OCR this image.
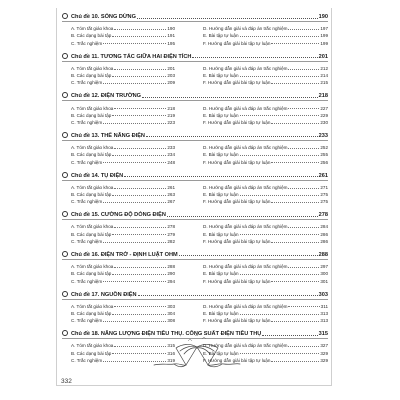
Chủ đề 10. SÓNG DỪNG	190
A. Tóm tắt giáo khoa	190
B. Các dạng bài tập	191
C. Trắc nghiệm	195
D. Hướng dẫn giải và đáp án trắc nghiệm	197
E. Bài tập tự luận	199
F. Hướng dẫn giải bài tập tự luận	199
Chủ đề 11. TƯƠNG TÁC GIỮA HAI ĐIỆN TÍCH	201
A. Tóm tắt giáo khoa	201
B. Các dạng bài tập	203
C. Trắc nghiệm	209
D. Hướng dẫn giải và đáp án trắc nghiệm	212
E. Bài tập tự luận	214
F. Hướng dẫn giải bài tập tự luận	215
Chủ đề 12. ĐIỆN TRƯỜNG	218
A. Tóm tắt giáo khoa	218
B. Các dạng bài tập	219
C. Trắc nghiệm	223
D. Hướng dẫn giải và đáp án trắc nghiệm	227
E. Bài tập tự luận	229
F. Hướng dẫn giải bài tập tự luận	230
Chủ đề 13. THẾ NĂNG ĐIỆN	233
A. Tóm tắt giáo khoa	233
B. Các dạng bài tập	234
C. Trắc nghiệm	248
D. Hướng dẫn giải và đáp án trắc nghiệm	252
E. Bài tập tự luận	255
F. Hướng dẫn giải bài tập tự luận	256
Chủ đề 14. TỤ ĐIỆN	261
A. Tóm tắt giáo khoa	261
B. Các dạng bài tập	263
C. Trắc nghiệm	267
D. Hướng dẫn giải và đáp án trắc nghiệm	271
E. Bài tập tự luận	275
F. Hướng dẫn giải bài tập tự luận	275
Chủ đề 15. CƯỜNG ĐỘ DÒNG ĐIỆN	278
A. Tóm tắt giáo khoa	278
B. Các dạng bài tập	279
C. Trắc nghiệm	282
D. Hướng dẫn giải và đáp án trắc nghiệm	284
E. Bài tập tự luận	286
F. Hướng dẫn giải bài tập tự luận	286
Chủ đề 16. ĐIỆN TRỞ - ĐỊNH LUẬT OHM	288
A. Tóm tắt giáo khoa	288
B. Các dạng bài tập	290
C. Trắc nghiệm	294
D. Hướng dẫn giải và đáp án trắc nghiệm	297
E. Bài tập tự luận	300
F. Hướng dẫn giải bài tập tự luận	301
Chủ đề 17. NGUỒN ĐIỆN	303
A. Tóm tắt giáo khoa	303
B. Các dạng bài tập	304
C. Trắc nghiệm	308
D. Hướng dẫn giải và đáp án trắc nghiệm	311
E. Bài tập tự luận	313
F. Hướng dẫn giải bài tập tự luận	313
Chủ đề 18. NĂNG LƯỢNG ĐIỆN TIÊU THỤ. CÔNG SUẤT ĐIỆN TIÊU THỤ	315
A. Tóm tắt giáo khoa	315
B. Các dạng bài tập	316
C. Trắc nghiệm	319
D. Hướng dẫn giải và đáp án trắc nghiệm	327
E. Bài tập tự luận	329
F. Hướng dẫn giải bài tập tự luận	329
332
